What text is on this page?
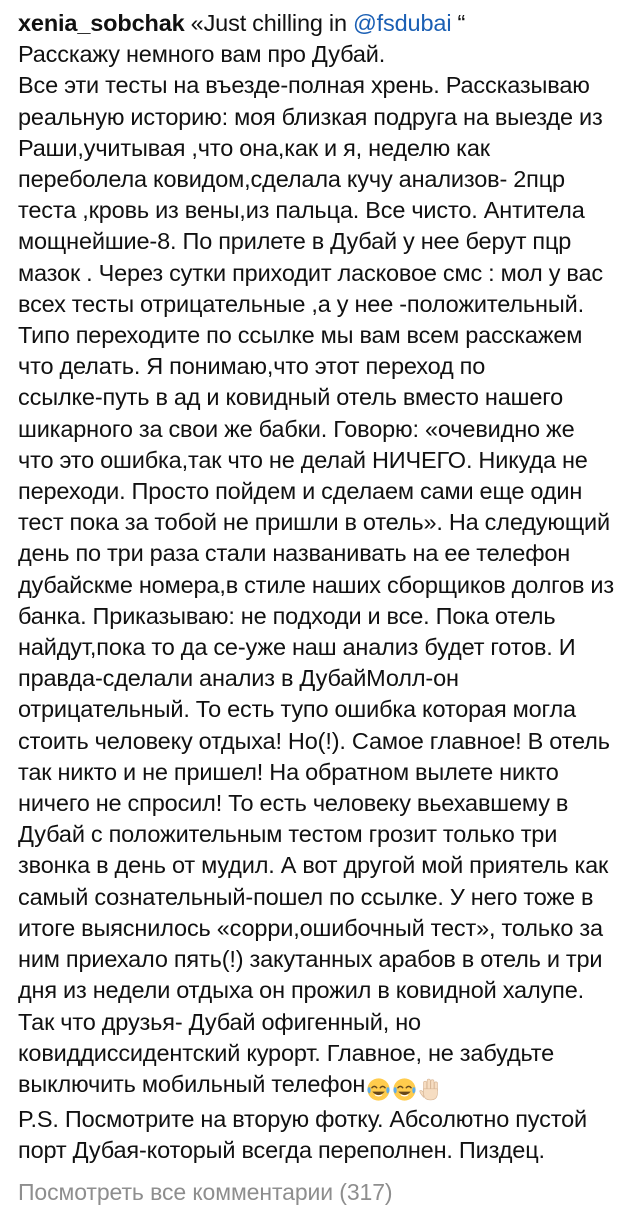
xenia_sobchak «Just chilling in @fsdubai “
Расскажу немного вам про Дубай.
Все эти тесты на въезде-полная хрень. Рассказываю
реальную историю: моя близкая подруга на выезде из
Раши,учитывая ,что она,как и я, неделю как
переболела ковидом,сделала кучу анализов- 2пцр
теста ,кровь из вены,из пальца. Все чисто. Антитела
мощнейшие-8. По прилете в Дубай у нее берут пцр
мазок . Через сутки приходит ласковое смс : мол у вас
всех тесты отрицательные ,а у нее -положительный.
Типо переходите по ссылке мы вам всем расскажем
что делать. Я понимаю,что этот переход по
ссылке-путь в ад и ковидный отель вместо нашего
шикарного за свои же бабки. Говорю: «очевидно же
что это ошибка,так что не делай НИЧЕГО. Никуда не
переходи. Просто пойдем и сделаем сами еще один
тест пока за тобой не пришли в отель». На следующий
день по три раза стали названивать на ее телефон
дубайскме номера,в стиле наших сборщиков долгов из
банка. Приказываю: не подходи и все. Пока отель
найдут,пока то да се-уже наш анализ будет готов. И
правда-сделали анализ в ДубайМолл-он
отрицательный. То есть тупо ошибка которая могла
стоить человеку отдыха! Но(!). Самое главное! В отель
так никто и не пришел! На обратном вылете никто
ничего не спросил! То есть человеку вьехавшему в
Дубай с положительным тестом грозит только три
звонка в день от мудил. А вот другой мой приятель как
самый сознательный-пошел по ссылке. У него тоже в
итоге выяснилось «сорри,ошибочный тест», только за
ним приехало пять(!) закутанных арабов в отель и три
дня из недели отдыха он прожил в ковидной халупе.
Так что друзья- Дубай офигенный, но
ковиддиссидентский курорт. Главное, не забудьте
выключить мобильный телефон
P.S. Посмотрите на вторую фотку. Абсолютно пустой
порт Дубая-который всегда переполнен. Пиздец.

Посмотреть все комментарии (317)
